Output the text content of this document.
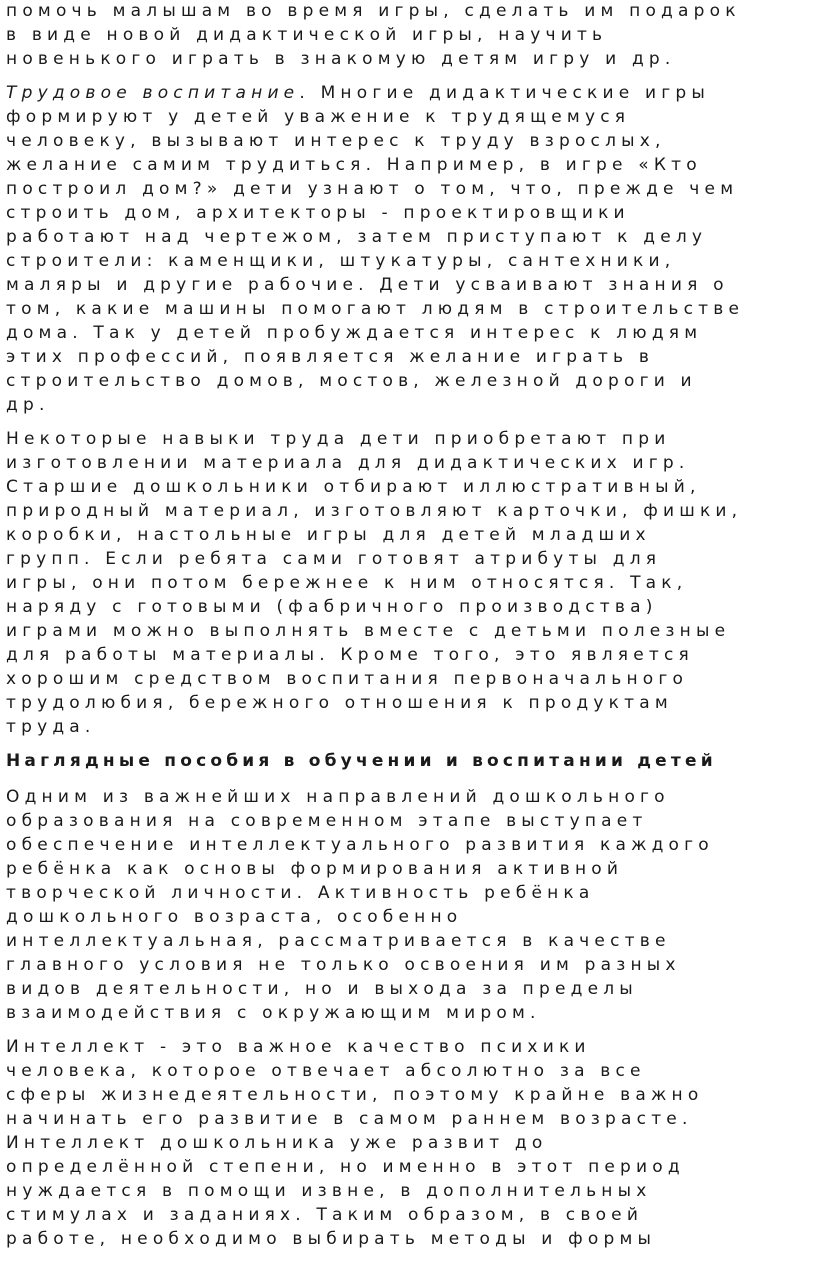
помочь малышам во время игры, сделать им подарок
в виде новой дидактической игры, научить
новенького играть в знакомую детям игру и др.
Трудовое воспитание. Многие дидактические игры
формируют у детей уважение к трудящемуся
человеку, вызывают интерес к труду взрослых,
желание самим трудиться. Например, в игре «Кто
построил дом?» дети узнают о том, что, прежде чем
строить дом, архитекторы - проектировщики
работают над чертежом, затем приступают к делу
строители: каменщики, штукатуры, сантехники,
маляры и другие рабочие. Дети усваивают знания о
том, какие машины помогают людям в строительстве
дома. Так у детей пробуждается интерес к людям
этих профессий, появляется желание играть в
строительство домов, мостов, железной дороги и
др.
Некоторые навыки труда дети приобретают при
изготовлении материала для дидактических игр.
Старшие дошкольники отбирают иллюстративный,
природный материал, изготовляют карточки, фишки,
коробки, настольные игры для детей младших
групп. Если ребята сами готовят атрибуты для
игры, они потом бережнее к ним относятся. Так,
наряду с готовыми (фабричного производства)
играми можно выполнять вместе с детьми полезные
для работы материалы. Кроме того, это является
хорошим средством воспитания первоначального
трудолюбия, бережного отношения к продуктам
труда.
Наглядные пособия в обучении и воспитании детей
Одним из важнейших направлений дошкольного
образования на современном этапе выступает
обеспечение интеллектуального развития каждого
ребёнка как основы формирования активной
творческой личности. Активность ребёнка
дошкольного возраста, особенно
интеллектуальная, рассматривается в качестве
главного условия не только освоения им разных
видов деятельности, но и выхода за пределы
взаимодействия с окружающим миром.
Интеллект - это важное качество психики
человека, которое отвечает абсолютно за все
сферы жизнедеятельности, поэтому крайне важно
начинать его развитие в самом раннем возрасте.
Интеллект дошкольника уже развит до
определённой степени, но именно в этот период
нуждается в помощи извне, в дополнительных
стимулах и заданиях. Таким образом, в своей
работе, необходимо выбирать методы и формы
